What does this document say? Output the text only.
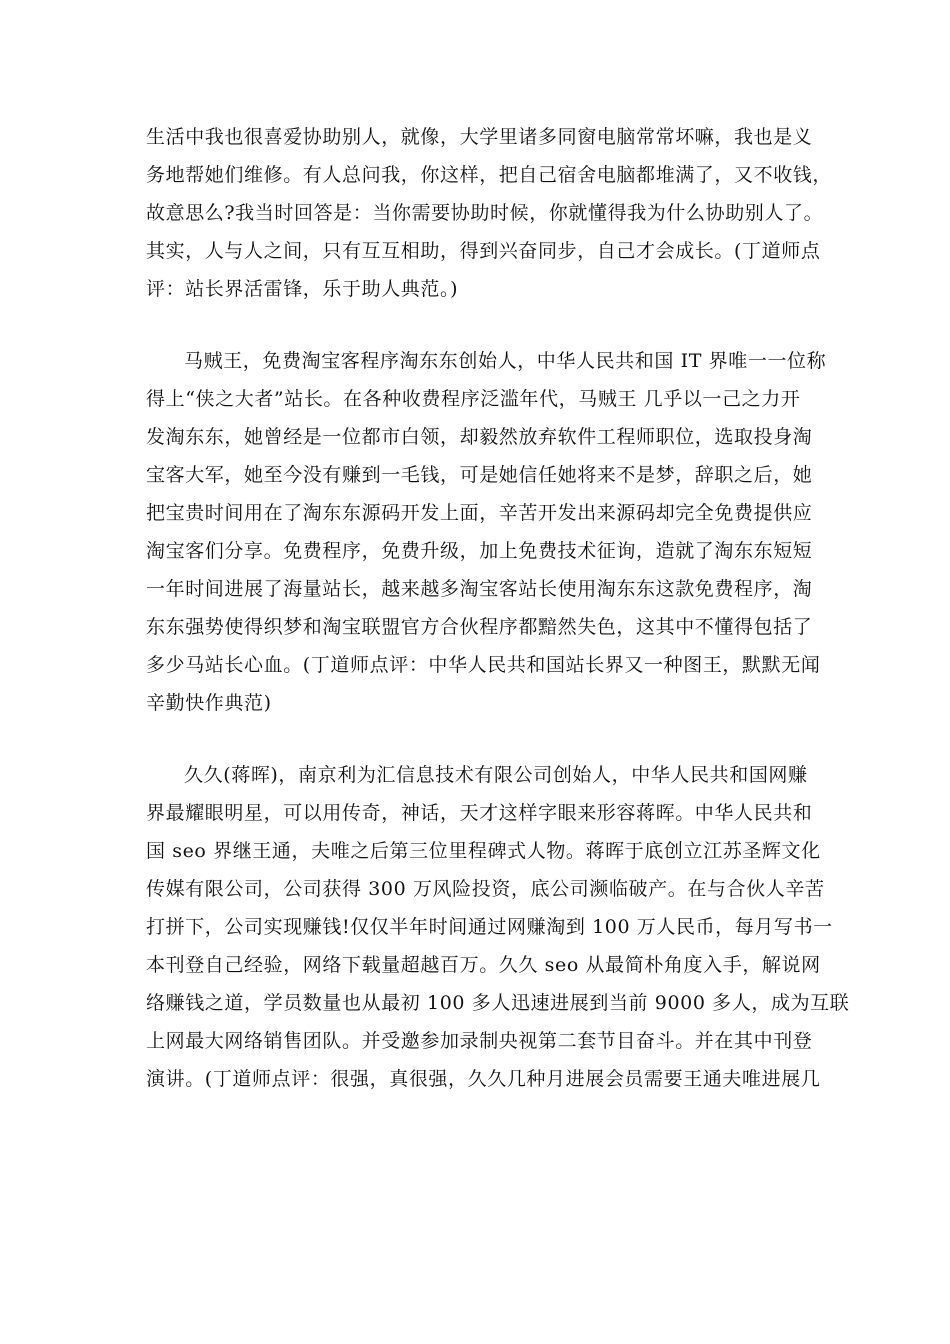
生活中我也很喜爱协助别人，就像，大学里诸多同窗电脑常常坏嘛，我也是义
务地帮她们维修。有人总问我，你这样，把自己宿舍电脑都堆满了，又不收钱，
故意思么?我当时回答是：当你需要协助时候，你就懂得我为什么协助别人了。
其实，人与人之间，只有互互相助，得到兴奋同步，自己才会成长。(丁道师点
评：站长界活雷锋，乐于助人典范。)
马贼王，免费淘宝客程序淘东东创始人，中华人民共和国 IT 界唯一一位称
得上“侠之大者”站长。在各种收费程序泛滥年代，马贼王 几乎以一己之力开
发淘东东，她曾经是一位都市白领，却毅然放弃软件工程师职位，选取投身淘
宝客大军，她至今没有赚到一毛钱，可是她信任她将来不是梦，辞职之后，她
把宝贵时间用在了淘东东源码开发上面，辛苦开发出来源码却完全免费提供应
淘宝客们分享。免费程序，免费升级，加上免费技术征询，造就了淘东东短短
一年时间进展了海量站长，越来越多淘宝客站长使用淘东东这款免费程序，淘
东东强势使得织梦和淘宝联盟官方合伙程序都黯然失色，这其中不懂得包括了
多少马站长心血。(丁道师点评：中华人民共和国站长界又一种图王，默默无闻
辛勤快作典范)
久久(蒋晖)，南京利为汇信息技术有限公司创始人，中华人民共和国网赚
界最耀眼明星，可以用传奇，神话，天才这样字眼来形容蒋晖。中华人民共和
国 seo 界继王通，夫唯之后第三位里程碑式人物。蒋晖于底创立江苏圣辉文化
传媒有限公司，公司获得 300 万风险投资，底公司濒临破产。在与合伙人辛苦
打拼下，公司实现赚钱!仅仅半年时间通过网赚淘到 100 万人民币，每月写书一
本刊登自己经验，网络下载量超越百万。久久 seo 从最简朴角度入手，解说网
络赚钱之道，学员数量也从最初 100 多人迅速进展到当前 9000 多人，成为互联
上网最大网络销售团队。并受邀参加录制央视第二套节目奋斗。并在其中刊登
演讲。(丁道师点评：很强，真很强，久久几种月进展会员需要王通夫唯进展几
